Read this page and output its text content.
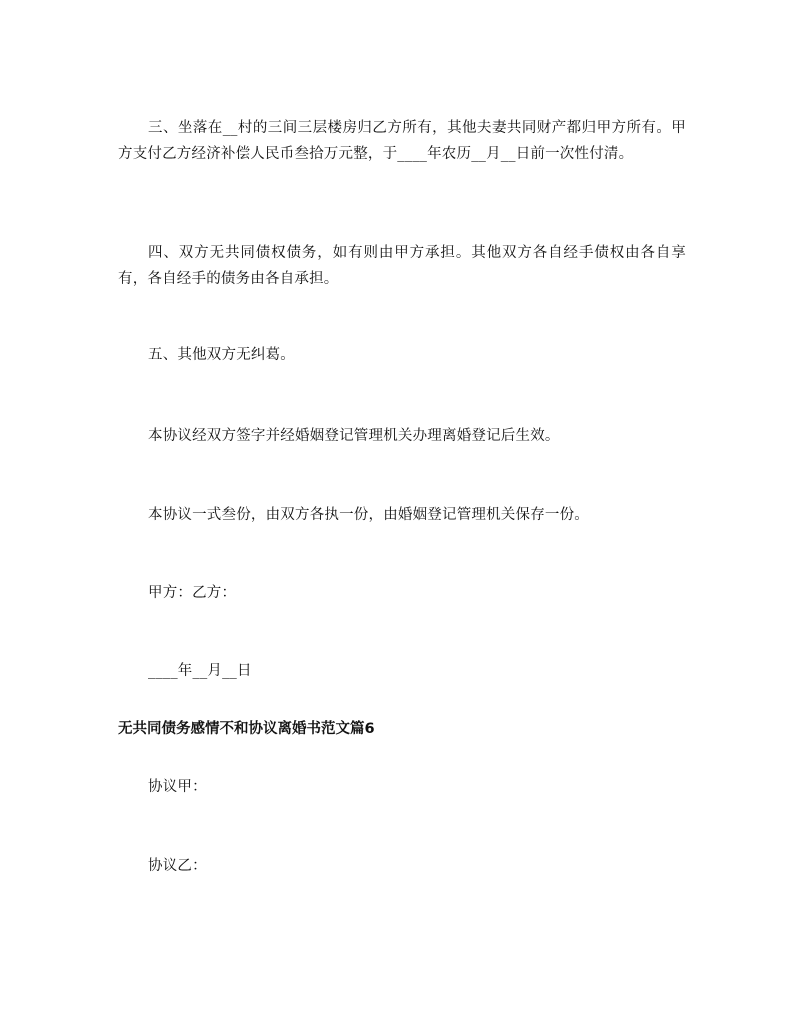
三、坐落在__村的三间三层楼房归乙方所有，其他夫妻共同财产都归甲方所有。甲方支付乙方经济补偿人民币叁拾万元整，于____年农历__月__日前一次性付清。

四、双方无共同债权债务，如有则由甲方承担。其他双方各自经手债权由各自享有，各自经手的债务由各自承担。

五、其他双方无纠葛。

本协议经双方签字并经婚姻登记管理机关办理离婚登记后生效。

本协议一式叁份，由双方各执一份，由婚姻登记管理机关保存一份。

甲方：乙方：

____年__月__日

无共同债务感情不和协议离婚书范文篇6

协议甲：

协议乙：
